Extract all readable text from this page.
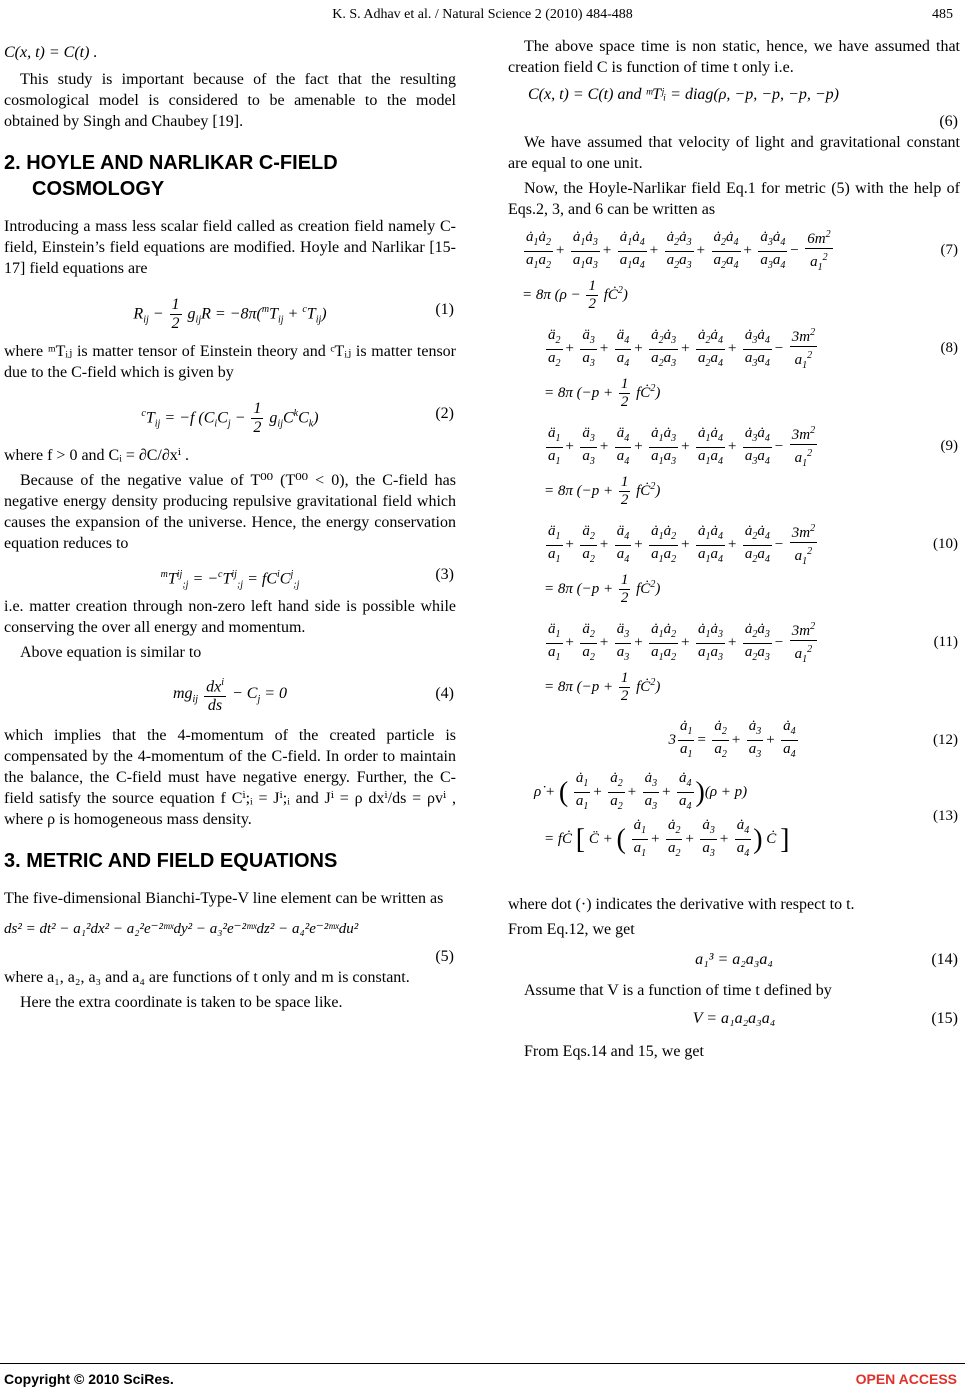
K. S. Adhav et al. / Natural Science 2 (2010) 484-488	485
C(x, t) = C(t) .

This study is important because of the fact that the resulting cosmological model is considered to be amenable to the model obtained by Singh and Chaubey [19].

2. HOYLE AND NARLIKAR C-FIELD
COSMOLOGY

Introducing a mass less scalar field called as creation field namely C-field, Einstein’s field equations are modified. Hoyle and Narlikar [15-17] field equations are

$R_{ij} - \frac{1}{2} g_{ij}R = -8\pi(^mT_{ij} + ^cT_{ij})$	(1)

where ᵐTᵢⱼ is matter tensor of Einstein theory and ᶜTᵢⱼ is matter tensor due to the C-field which is given by

$^cT_{ij} = -f$ $(C_iC_j - \frac{1}{2} g_{ij}C^kC_k)$	(2)

where f > 0 and Cᵢ = ∂C/∂xⁱ .

Because of the negative value of T⁰⁰ (T⁰⁰ < 0), the C-field has negative energy density producing repulsive gravitational field which causes the expansion of the universe. Hence, the energy conservation equation reduces to

$^mT^{ij}_{;j} = -^cT^{ij}_{;j} = fC^iC^j_{;j}$
(3)

i.e. matter creation through non-zero left hand side is possible while conserving the over all energy and momentum.

Above equation is similar to

$mg_{ij} \frac{dx^i}{ds} - C_j = 0$	(4)

which implies that the 4-momentum of the created particle is compensated by the 4-momentum of the C-field. In order to maintain the balance, the C-field must have negative energy. Further, the C-field satisfy the source equation f Cⁱ;ᵢ = Jⁱ;ᵢ and Jⁱ = ρ dxⁱ/ds = ρvⁱ , where ρ is homogeneous mass density.

3. METRIC AND FIELD EQUATIONS

The five-dimensional Bianchi-Type-V line element can be written as

ds² = dt² − a₁²dx² − a₂²e⁻²ᵐˣdy² − a₃²e⁻²ᵐˣdz² − a₄²e⁻²ᵐˣdu²
(5)

where a₁, a₂, a₃ and a₄ are functions of t only and m is constant.

Here the extra coordinate is taken to be space like.

The above space time is non static, hence, we have assumed that creation field C is function of time t only i.e.

C(x, t) = C(t) and ᵐTʲᵢ = diag(ρ, −p, −p, −p, −p)
(6)

We have assumed that velocity of light and gravitational constant are equal to one unit.

Now, the Hoyle-Narlikar field Eq.1 for metric (5) with the help of Eqs.2, 3, and 6 can be written as

$\frac{ȧ_1ȧ_2}{a_1a_2} + \frac{ȧ_1ȧ_3}{a_1a_3} + \frac{ȧ_1ȧ_4}{a_1a_4} + \frac{ȧ_2ȧ_3}{a_2a_3} + \frac{ȧ_2ȧ_4}{a_2a_4} + \frac{ȧ_3ȧ_4}{a_3a_4} - \frac{6m^2}{a_1^2}$
= 8π ($\rho - \frac{1}{2}$ $fĊ^2$)
(7)
$\frac{ä_2}{a_2} + \frac{ä_3}{a_3} + \frac{ä_4}{a_4} + \frac{ȧ_2ȧ_3}{a_2a_3} + \frac{ȧ_2ȧ_4}{a_2a_4} + \frac{ȧ_3ȧ_4}{a_3a_4} - \frac{3m^2}{a_1^2}$
= 8π ($-p + \frac{1}{2}$ $fĊ^2$)
(8)
$\frac{ä_1}{a_1} + \frac{ä_3}{a_3} + \frac{ä_4}{a_4} + \frac{ȧ_1ȧ_3}{a_1a_3} + \frac{ȧ_1ȧ_4}{a_1a_4} + \frac{ȧ_3ȧ_4}{a_3a_4} - \frac{3m^2}{a_1^2}$
= 8π ($-p + \frac{1}{2}$ $fĊ^2$)
(9)
$\frac{ä_1}{a_1} + \frac{ä_2}{a_2} + \frac{ä_4}{a_4} + \frac{ȧ_1ȧ_2}{a_1a_2} + \frac{ȧ_1ȧ_4}{a_1a_4} + \frac{ȧ_2ȧ_4}{a_2a_4} - \frac{3m^2}{a_1^2}$
= 8π ($-p + \frac{1}{2}$ $fĊ^2$)
(10)
$\frac{ä_1}{a_1} + \frac{ä_2}{a_2} + \frac{ä_3}{a_3} + \frac{ȧ_1ȧ_2}{a_1a_2} + \frac{ȧ_1ȧ_3}{a_1a_3} + \frac{ȧ_2ȧ_3}{a_2a_3} - \frac{3m^2}{a_1^2}$
= 8π ($-p + \frac{1}{2}$ $fĊ^2$)
(11)
$3 \frac{ȧ_1}{a_1} = \frac{ȧ_2}{a_2} + \frac{ȧ_3}{a_3} + \frac{ȧ_4}{a_4}$	(12)
ρ̇ + ( $\frac{ȧ_1}{a_1} + \frac{ȧ_2}{a_2} + \frac{ȧ_3}{a_3} + \frac{ȧ_4}{a_4} )(\rho + p)$
= fĊ [ C̈ + ( $\frac{ȧ_1}{a_1} + \frac{ȧ_2}{a_2} + \frac{ȧ_3}{a_3} + \frac{ȧ_4}{a_4}$ ) Ċ ]
(13)

where dot (·) indicates the derivative with respect to t.

From Eq.12, we get

a₁³ = a₂a₃a₄	(14)

Assume that V is a function of time t defined by

V = a₁a₂a₃a₄	(15)

From Eqs.14 and 15, we get

Copyright © 2010 SciRes.	OPEN ACCESS
